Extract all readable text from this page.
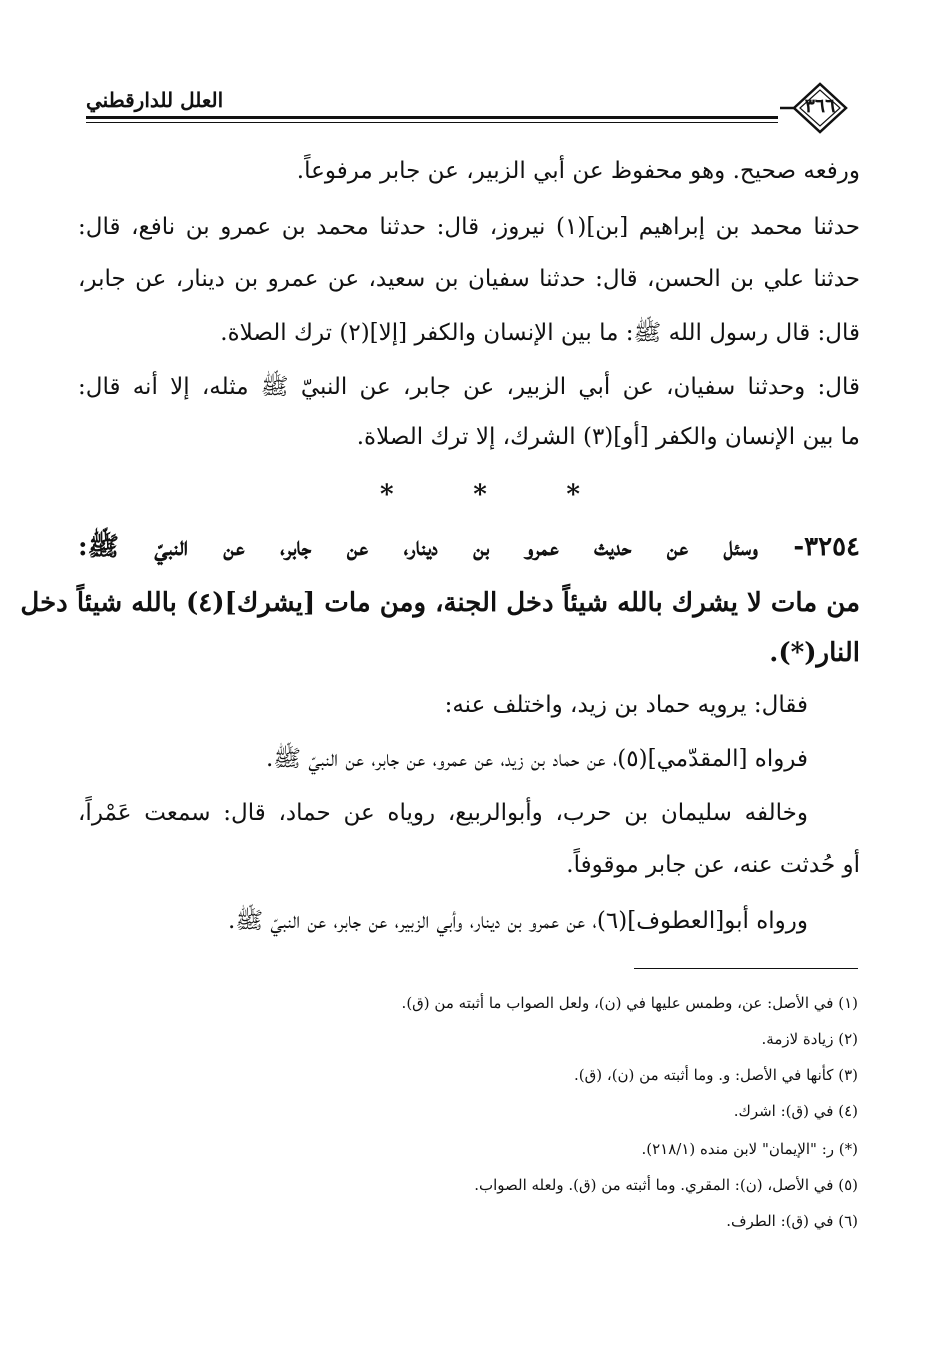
٣٦٦
العلل للدارقطني
ورفعه صحيح. وهو محفوظ عن أبي الزبير، عن جابر مرفوعاً.
حدثنا محمد بن إبراهيم [بن](١) نيروز، قال: حدثنا محمد بن عمرو بن نافع، قال:
حدثنا علي بن الحسن، قال: حدثنا سفيان بن سعيد، عن عمرو بن دينار، عن جابر،
قال: قال رسول الله ﷺ: ما بين الإنسان والكفر [إلا](٢) ترك الصلاة.
قال: وحدثنا سفيان، عن أبي الزبير، عن جابر، عن النبيّ ﷺ مثله، إلا أنه قال:
ما بين الإنسان والكفر [أو](٣) الشرك، إلا ترك الصلاة.
*	*	*
٣٢٥٤- وسئل عن حديث عمرو بن دينار، عن جابر، عن النبيّ ﷺ:
من مات لا يشرك بالله شيئاً دخل الجنة، ومن مات [يشرك](٤) بالله شيئاً دخل
النار(*).
فقال: يرويه حماد بن زيد، واختلف عنه:
فرواه [المقدّمي](٥)، عن حماد بن زيد، عن عمرو، عن جابر، عن النبيّ ﷺ.
وخالفه سليمان بن حرب، وأبوالربيع، روياه عن حماد، قال: سمعت عَمْراً،
أو حُدثت عنه، عن جابر موقوفاً.
ورواه أبو[العطوف](٦)، عن عمرو بن دينار، وأبي الزبير، عن جابر، عن النبيّ ﷺ.
(١) في الأصل: عن، وطمس عليها في (ن)، ولعل الصواب ما أثبته من (ق).
(٢) زيادة لازمة.
(٣) كأنها في الأصل: و. وما أثبته من (ن)، (ق).
(٤) في (ق): اشرك.
(*) ر: "الإيمان" لابن منده (٢١٨/١).
(٥) في الأصل، (ن): المقري. وما أثبته من (ق). ولعله الصواب.
(٦) في (ق): الطرف.
